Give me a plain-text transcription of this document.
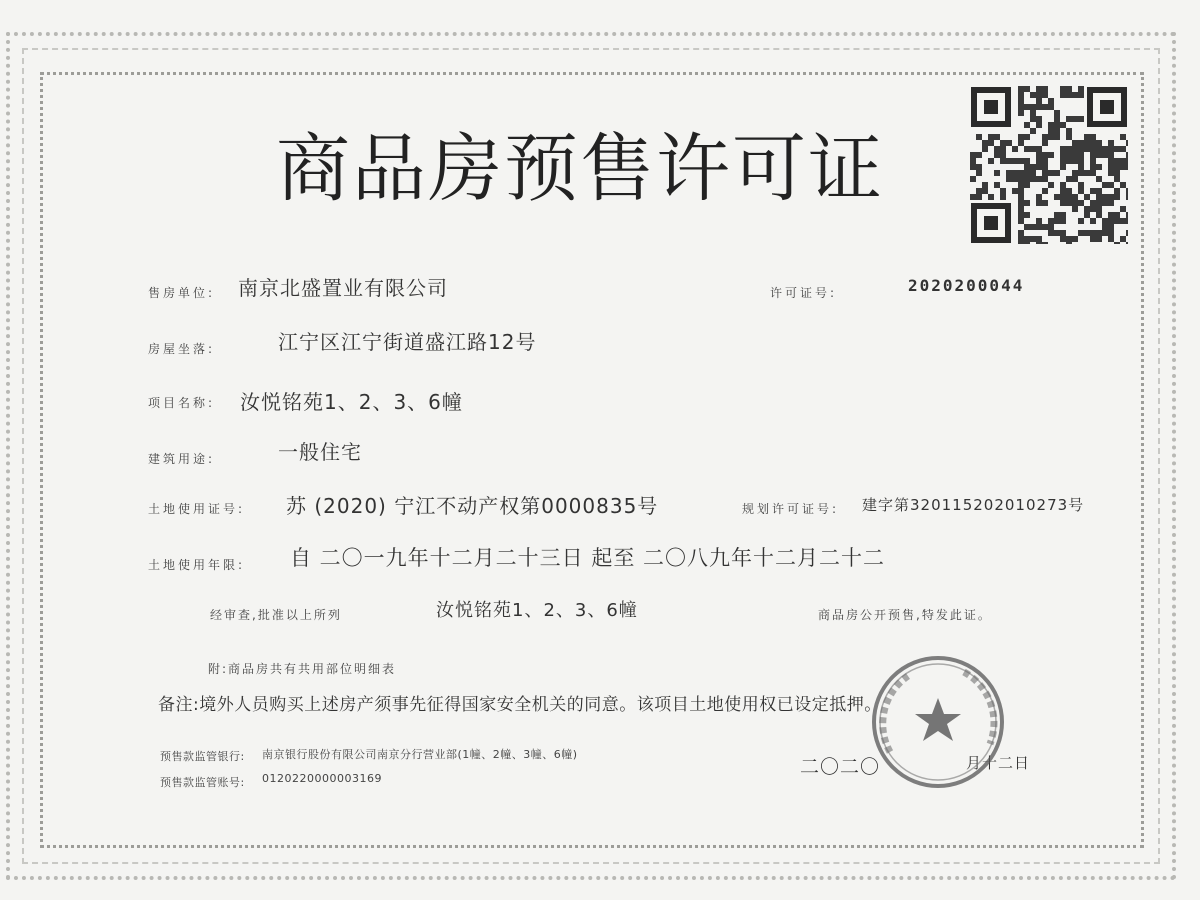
商品房预售许可证
售房单位: 南京北盛置业有限公司	许可证号:	2020200044
房屋坐落:	江宁区江宁街道盛江路12号
项目名称: 汝悦铭苑1、2、3、6幢
建筑用途:	一般住宅
土地使用证号: 苏 (2020) 宁江不动产权第0000835号	规划许可证号: 建字第320115202010273号
土地使用年限: 自 二〇一九年十二月二十三日 起至 二〇八九年十二月二十二
经审查,批准以上所列	汝悦铭苑1、2、3、6幢	商品房公开预售,特发此证。
附:商品房共有共用部位明细表
备注:境外人员购买上述房产须事先征得国家安全机关的同意。该项目土地使用权已设定抵押。
预售款监管银行: 南京银行股份有限公司南京分行营业部(1幢、2幢、3幢、6幢)
预售款监管账号: 0120220000003169
二〇二〇	月十二日
